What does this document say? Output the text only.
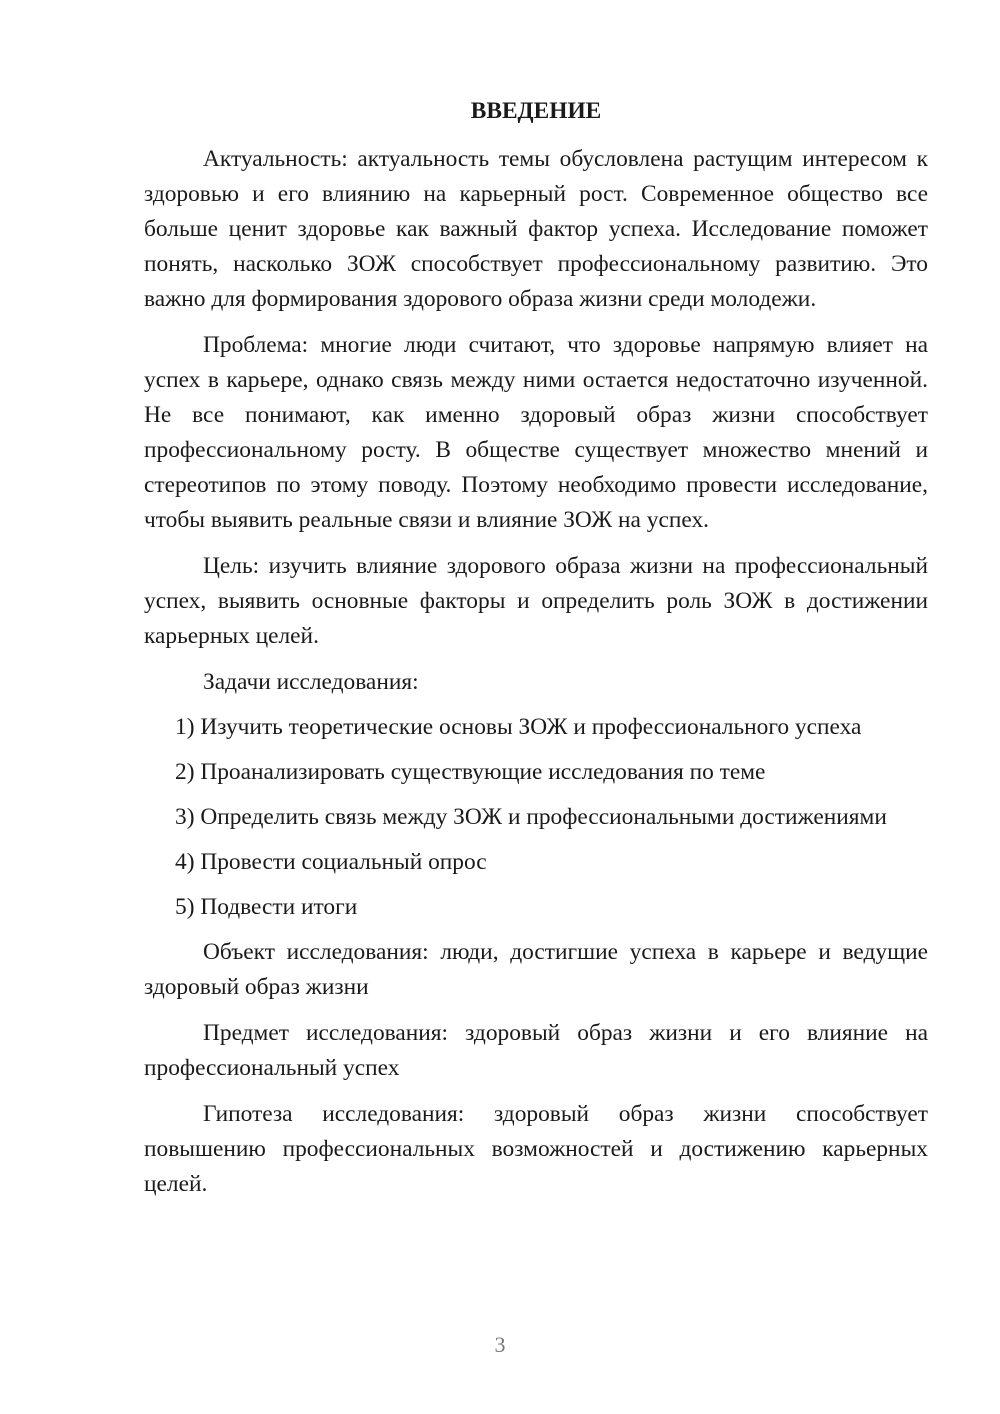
ВВЕДЕНИЕ

Актуальность: актуальность темы обусловлена растущим интересом к здоровью и его влиянию на карьерный рост. Современное общество все больше ценит здоровье как важный фактор успеха. Исследование поможет понять, насколько ЗОЖ способствует профессиональному развитию. Это важно для формирования здорового образа жизни среди молодежи.

Проблема: многие люди считают, что здоровье напрямую влияет на успех в карьере, однако связь между ними остается недостаточно изученной. Не все понимают, как именно здоровый образ жизни способствует профессиональному росту. В обществе существует множество мнений и стереотипов по этому поводу. Поэтому необходимо провести исследование, чтобы выявить реальные связи и влияние ЗОЖ на успех.

Цель: изучить влияние здорового образа жизни на профессиональный успех, выявить основные факторы и определить роль ЗОЖ в достижении карьерных целей.

Задачи исследования:

1) Изучить теоретические основы ЗОЖ и профессионального успеха
2) Проанализировать существующие исследования по теме
3) Определить связь между ЗОЖ и профессиональными достижениями
4) Провести социальный опрос
5) Подвести итоги

Объект исследования: люди, достигшие успеха в карьере и ведущие здоровый образ жизни

Предмет исследования: здоровый образ жизни и его влияние на профессиональный успех

Гипотеза исследования: здоровый образ жизни способствует повышению профессиональных возможностей и достижению карьерных целей.

3
